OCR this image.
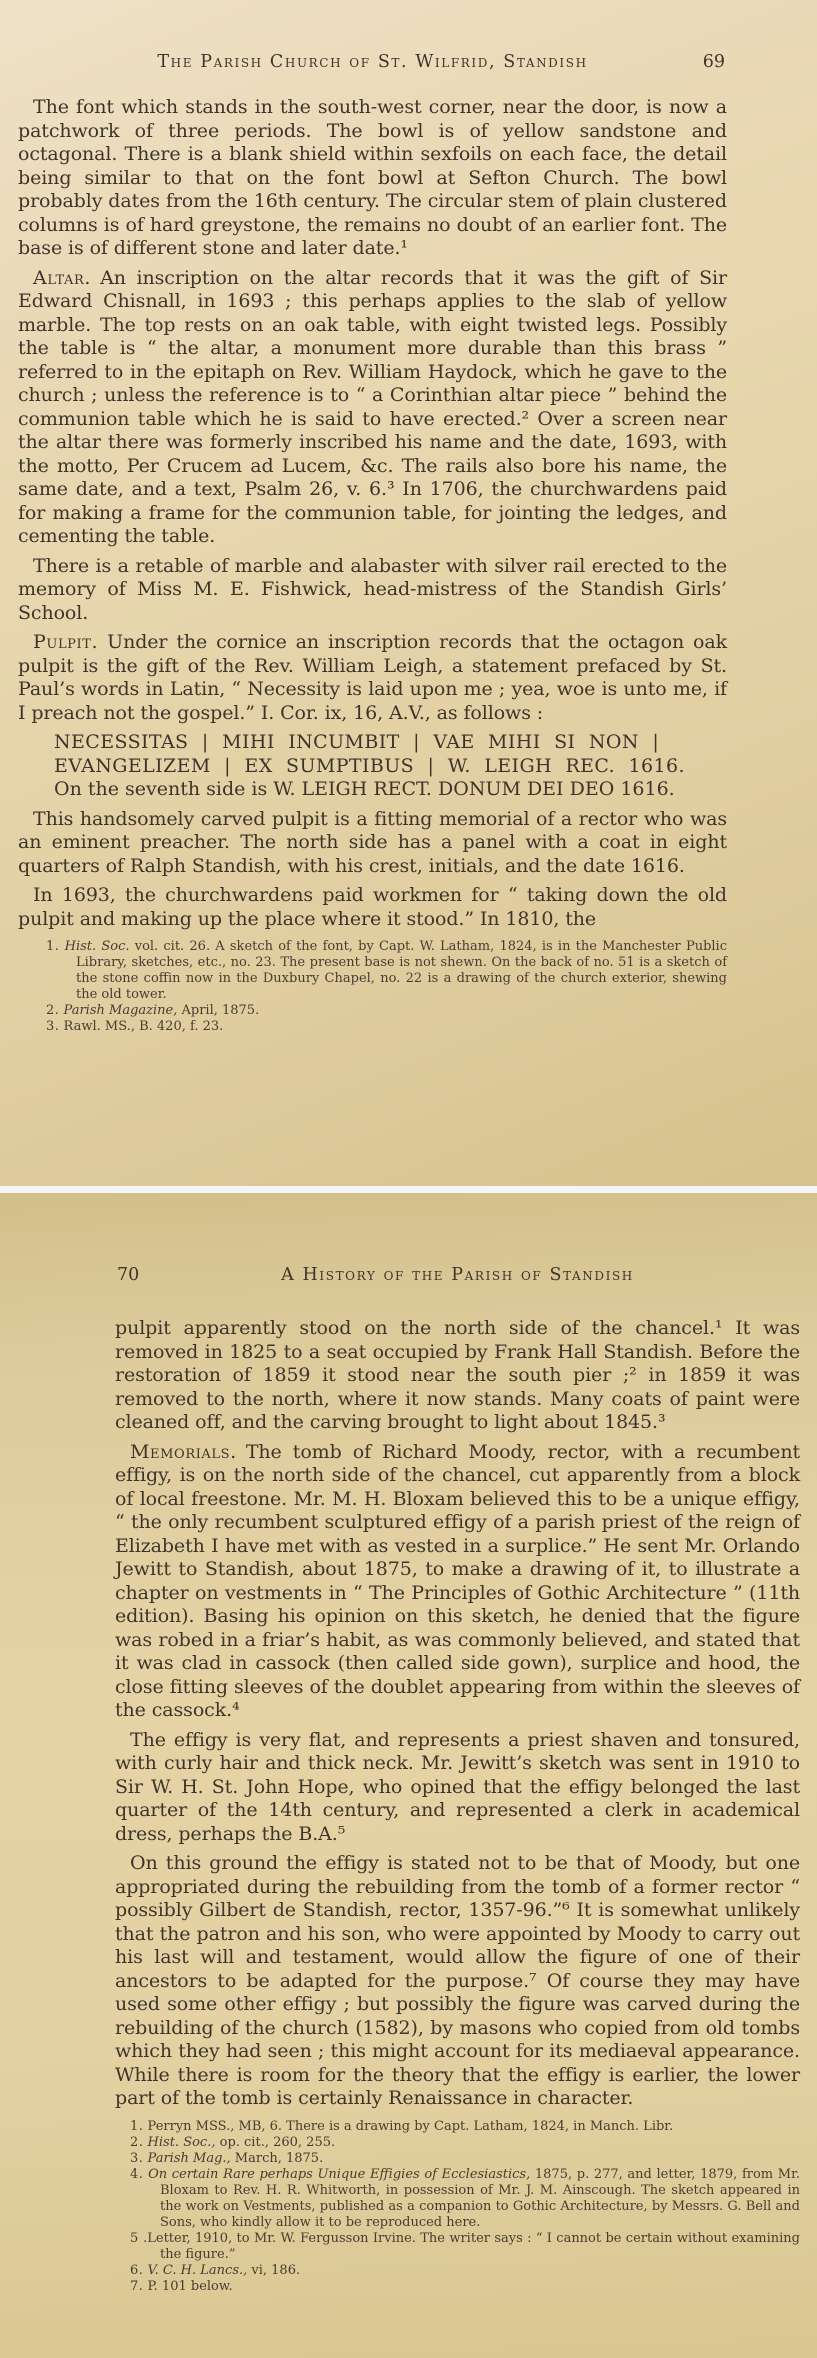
The Parish Church of St. Wilfrid, Standish	69

The font which stands in the south-west corner, near the door, is now a patchwork of three periods. The bowl is of yellow sandstone and octagonal. There is a blank shield within sexfoils on each face, the detail being similar to that on the font bowl at Sefton Church. The bowl probably dates from the 16th century. The circular stem of plain clustered columns is of hard greystone, the remains no doubt of an earlier font. The base is of different stone and later date.¹

Altar. An inscription on the altar records that it was the gift of Sir Edward Chisnall, in 1693 ; this perhaps applies to the slab of yellow marble. The top rests on an oak table, with eight twisted legs. Possibly the table is “ the altar, a monument more durable than this brass ” referred to in the epitaph on Rev. William Haydock, which he gave to the church ; unless the reference is to “ a Corinthian altar piece ” behind the communion table which he is said to have erected.² Over a screen near the altar there was formerly inscribed his name and the date, 1693, with the motto, Per Crucem ad Lucem, &c. The rails also bore his name, the same date, and a text, Psalm 26, v. 6.³ In 1706, the churchwardens paid for making a frame for the communion table, for jointing the ledges, and cementing the table.

There is a retable of marble and alabaster with silver rail erected to the memory of Miss M. E. Fishwick, head-mistress of the Standish Girls’ School.

Pulpit. Under the cornice an inscription records that the octagon oak pulpit is the gift of the Rev. William Leigh, a statement prefaced by St. Paul’s words in Latin, “ Necessity is laid upon me ; yea, woe is unto me, if I preach not the gospel.” I. Cor. ix, 16, A.V., as follows :

NECESSITAS | MIHI INCUMBIT | VAE MIHI SI NON |
EVANGELIZEM | EX SUMPTIBUS | W. LEIGH REC. 1616.
On the seventh side is W. LEIGH RECT. DONUM DEI DEO 1616.

This handsomely carved pulpit is a fitting memorial of a rector who was an eminent preacher. The north side has a panel with a coat in eight quarters of Ralph Standish, with his crest, initials, and the date 1616.

In 1693, the churchwardens paid workmen for “ taking down the old pulpit and making up the place where it stood.” In 1810, the

1. Hist. Soc. vol. cit. 26. A sketch of the font, by Capt. W. Latham, 1824, is in the Manchester Public Library, sketches, etc., no. 23. The present base is not shewn. On the back of no. 51 is a sketch of the stone coffin now in the Duxbury Chapel, no. 22 is a drawing of the church exterior, shewing the old tower.
2. Parish Magazine, April, 1875.
3. Rawl. MS., B. 420, f. 23.
70	A History of the Parish of Standish

pulpit apparently stood on the north side of the chancel.¹ It was removed in 1825 to a seat occupied by Frank Hall Standish. Before the restoration of 1859 it stood near the south pier ;² in 1859 it was removed to the north, where it now stands. Many coats of paint were cleaned off, and the carving brought to light about 1845.³

Memorials. The tomb of Richard Moody, rector, with a recumbent effigy, is on the north side of the chancel, cut apparently from a block of local freestone. Mr. M. H. Bloxam believed this to be a unique effigy, “ the only recumbent sculptured effigy of a parish priest of the reign of Elizabeth I have met with as vested in a surplice.” He sent Mr. Orlando Jewitt to Standish, about 1875, to make a drawing of it, to illustrate a chapter on vestments in “ The Principles of Gothic Architecture ” (11th edition). Basing his opinion on this sketch, he denied that the figure was robed in a friar’s habit, as was commonly believed, and stated that it was clad in cassock (then called side gown), surplice and hood, the close fitting sleeves of the doublet appearing from within the sleeves of the cassock.⁴

The effigy is very flat, and represents a priest shaven and tonsured, with curly hair and thick neck. Mr. Jewitt’s sketch was sent in 1910 to Sir W. H. St. John Hope, who opined that the effigy belonged the last quarter of the 14th century, and represented a clerk in academical dress, perhaps the B.A.⁵

On this ground the effigy is stated not to be that of Moody, but one appropriated during the rebuilding from the tomb of a former rector “ possibly Gilbert de Standish, rector, 1357-96.”⁶ It is somewhat unlikely that the patron and his son, who were appointed by Moody to carry out his last will and testament, would allow the figure of one of their ancestors to be adapted for the purpose.⁷ Of course they may have used some other effigy ; but possibly the figure was carved during the rebuilding of the church (1582), by masons who copied from old tombs which they had seen ; this might account for its mediaeval appearance. While there is room for the theory that the effigy is earlier, the lower part of the tomb is certainly Renaissance in character.

1. Perryn MSS., MB, 6. There is a drawing by Capt. Latham, 1824, in Manch. Libr.
2. Hist. Soc., op. cit., 260, 255.
3. Parish Mag., March, 1875.
4. On certain Rare perhaps Unique Effigies of Ecclesiastics, 1875, p. 277, and letter, 1879, from Mr. Bloxam to Rev. H. R. Whitworth, in possession of Mr. J. M. Ainscough. The sketch appeared in the work on Vestments, published as a companion to Gothic Architecture, by Messrs. G. Bell and Sons, who kindly allow it to be reproduced here.
5 .Letter, 1910, to Mr. W. Fergusson Irvine. The writer says : “ I cannot be certain without examining the figure.”
6. V. C. H. Lancs., vi, 186.
7. P. 101 below.
